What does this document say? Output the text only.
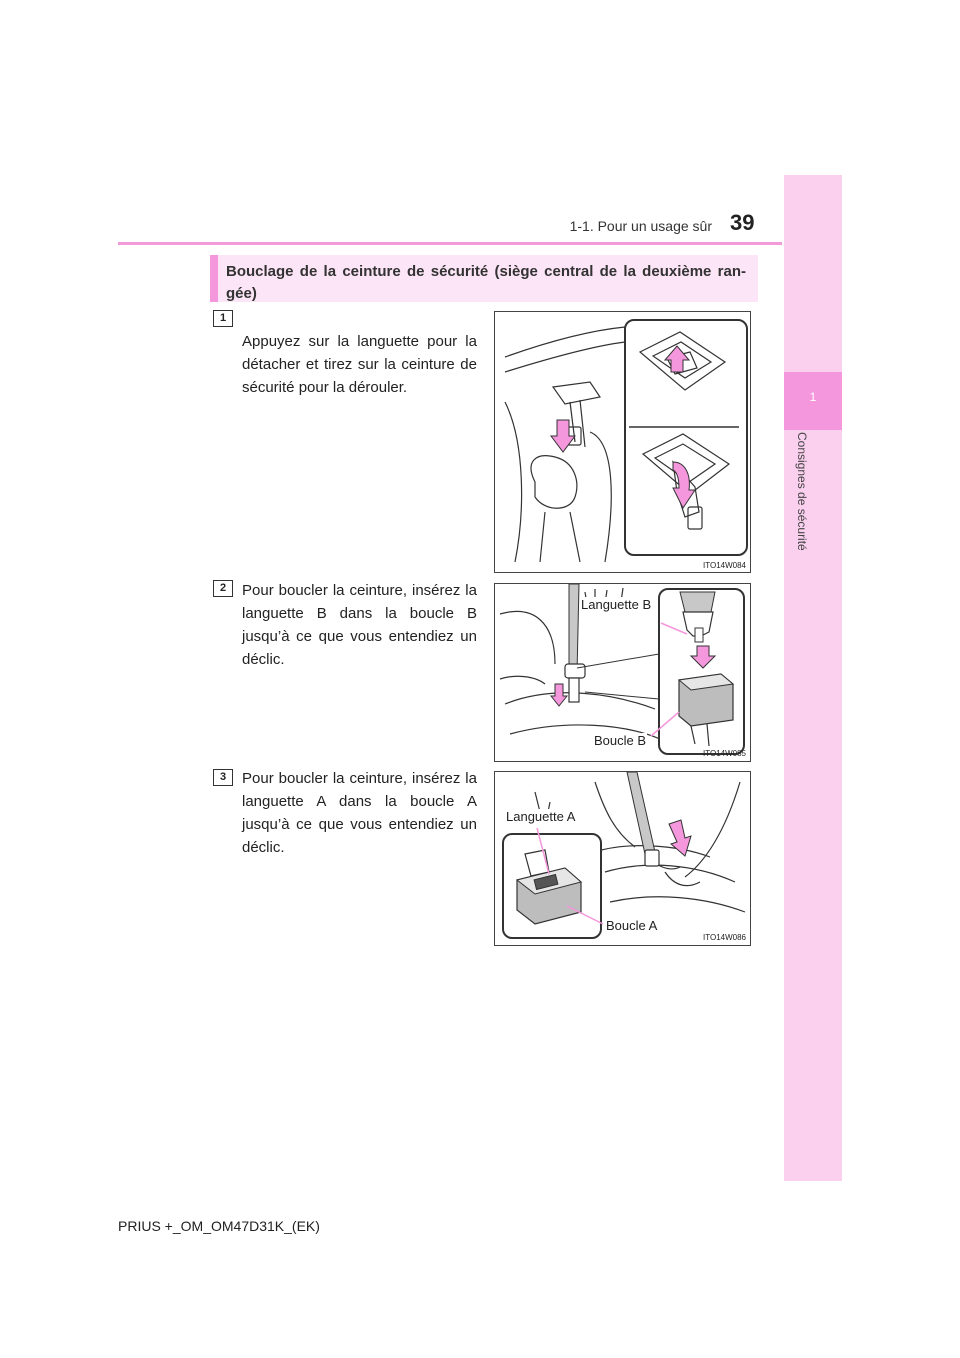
1-1. Pour un usage sûr 39
1
Consignes de sécurité
Bouclage de la ceinture de sécurité (siège central de la deuxième ran-gée)
1
Appuyez sur la languette pour la détacher et tirez sur la ceinture de sécurité pour la dérouler.
ITO14W084
2	Pour boucler la ceinture, insérez la languette B dans la boucle B jusqu’à ce que vous entendiez un déclic.
Languette B
Boucle B
ITO14W085
3	Pour boucler la ceinture, insérez la languette A dans la boucle A jusqu’à ce que vous entendiez un déclic.
Languette A
Boucle A
ITO14W086
PRIUS +_OM_OM47D31K_(EK)
